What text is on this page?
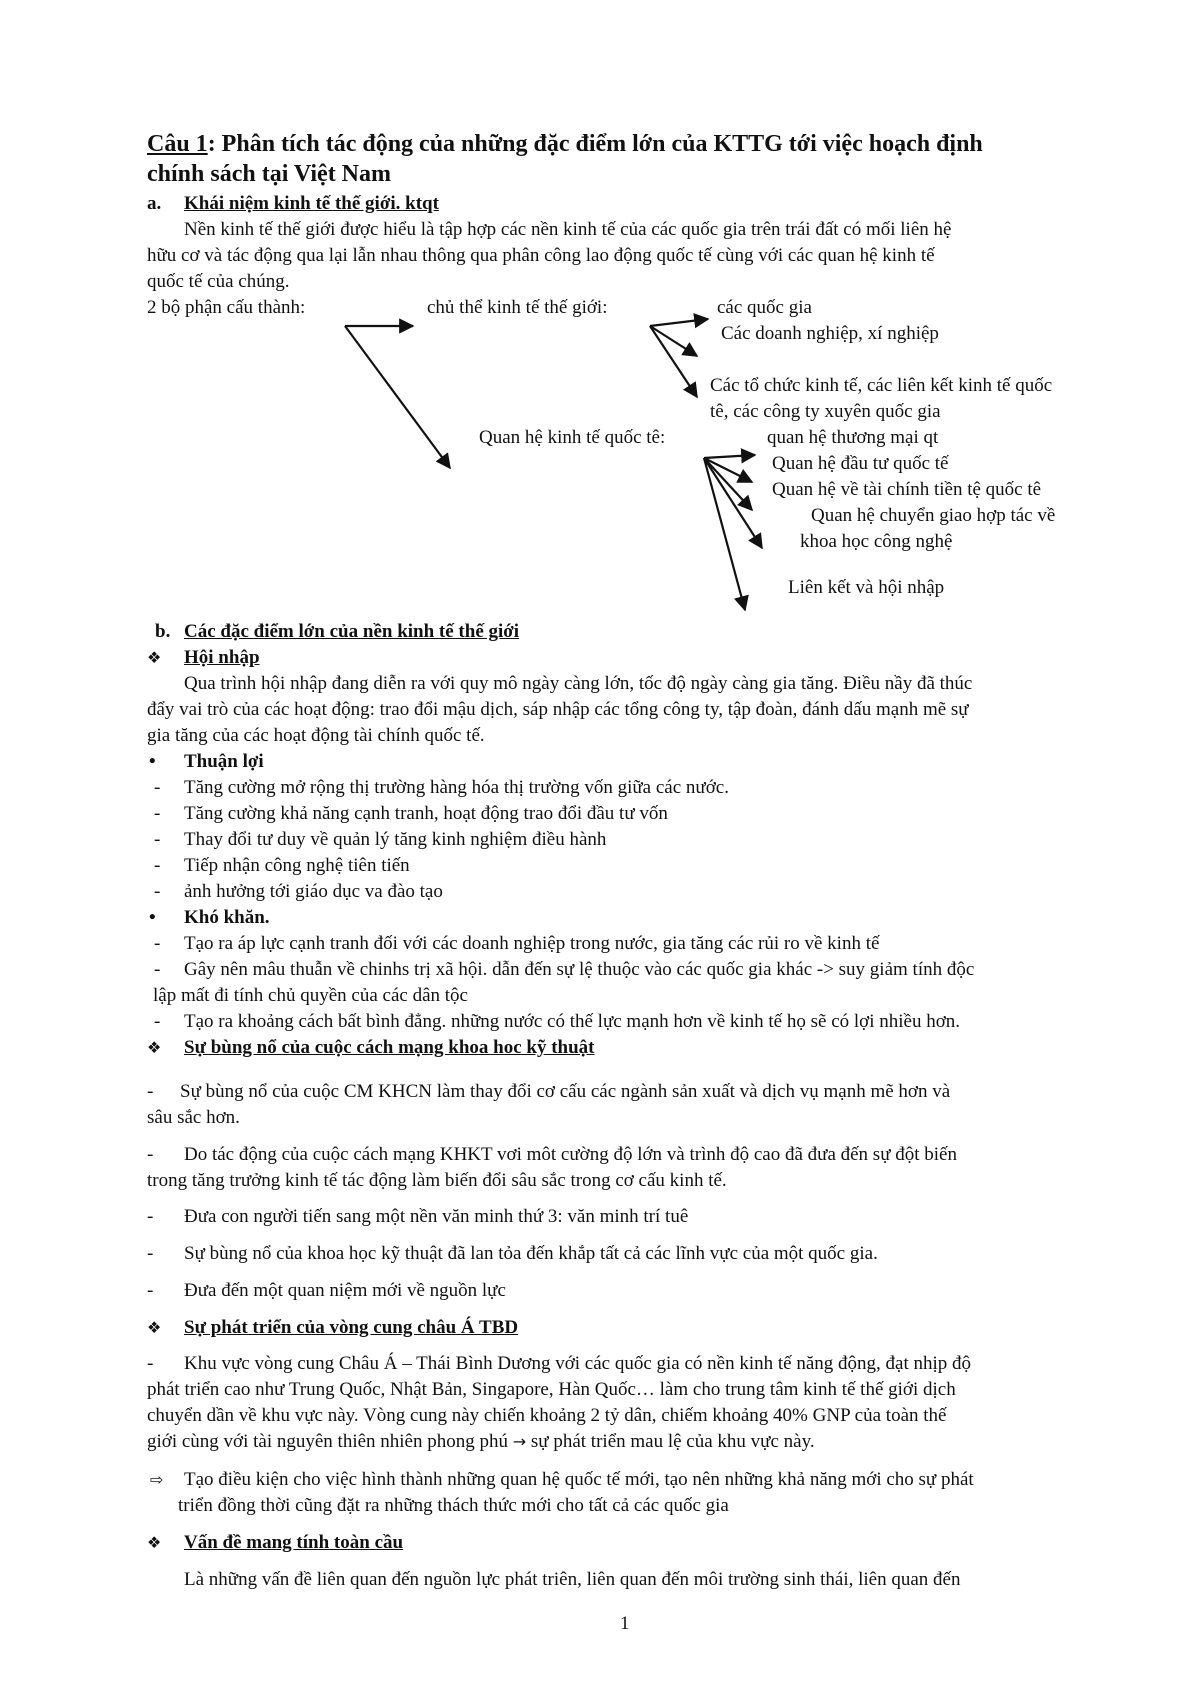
Câu 1: Phân tích tác động của những đặc điểm lớn của KTTG tới việc hoạch định
chính sách tại Việt Nam
a. Khái niệm kinh tế thế giới. ktqt
Nền kinh tế thế giới được hiểu là tập hợp các nền kinh tế của các quốc gia trên trái đất có mối liên hệ
hữu cơ và tác động qua lại lẫn nhau thông qua phân công lao động quốc tế cùng với các quan hệ kinh tế
quốc tế của chúng.
2 bộ phận cấu thành:	chủ thể kinh tế thế giới:	các quốc gia
Các doanh nghiệp, xí nghiệp
Các tổ chức kinh tế, các liên kết kinh tế quốc
tê, các công ty xuyên quốc gia
Quan hệ kinh tế quốc tê:	quan hệ thương mại qt
Quan hệ đầu tư quốc tế
Quan hệ về tài chính tiền tệ quốc tê
Quan hệ chuyển giao hợp tác về
khoa học công nghệ
Liên kết và hội nhập
b. Các đặc điểm lớn của nền kinh tế thế giới
❖ Hội nhập
Qua trình hội nhập đang diễn ra với quy mô ngày càng lớn, tốc độ ngày càng gia tăng. Điều nầy đã thúc
đẩy vai trò của các hoạt động: trao đổi mậu dịch, sáp nhập các tổng công ty, tập đoàn, đánh dấu mạnh mẽ sự
gia tăng của các hoạt động tài chính quốc tế.
• Thuận lợi
- Tăng cường mở rộng thị trường hàng hóa thị trường vốn giữa các nước.
- Tăng cường khả năng cạnh tranh, hoạt động trao đổi đầu tư vốn
- Thay đổi tư duy về quản lý tăng kinh nghiệm điều hành
- Tiếp nhận công nghệ tiên tiến
- ảnh hưởng tới giáo dục va đào tạo
• Khó khăn.
- Tạo ra áp lực cạnh tranh đối với các doanh nghiệp trong nước, gia tăng các rủi ro về kinh tế
- Gây nên mâu thuẫn về chinhs trị xã hội. dẫn đến sự lệ thuộc vào các quốc gia khác -> suy giảm tính độc
lập mất đi tính chủ quyền của các dân tộc
- Tạo ra khoảng cách bất bình đẳng. những nước có thế lực mạnh hơn về kinh tế họ sẽ có lợi nhiều hơn.
❖ Sự bùng nổ của cuộc cách mạng khoa hoc kỹ thuật
- Sự bùng nổ của cuộc CM KHCN làm thay đổi cơ cấu các ngành sản xuất và dịch vụ mạnh mẽ hơn và
sâu sắc hơn.
- Do tác động của cuộc cách mạng KHKT vơi môt cường độ lớn và trình độ cao đã đưa đến sự đột biến
trong tăng trưởng kinh tế tác động làm biến đổi sâu sắc trong cơ cấu kinh tế.
- Đưa con người tiến sang một nền văn minh thứ 3: văn minh trí tuê
- Sự bùng nổ của khoa học kỹ thuật đã lan tỏa đến khắp tất cả các lĩnh vực của một quốc gia.
- Đưa đến một quan niệm mới về nguồn lực
❖ Sự phát triển của vòng cung châu Á TBD
- Khu vực vòng cung Châu Á – Thái Bình Dương với các quốc gia có nền kinh tế năng động, đạt nhịp độ
phát triển cao như Trung Quốc, Nhật Bản, Singapore, Hàn Quốc… làm cho trung tâm kinh tế thế giới dịch
chuyển dần về khu vực này. Vòng cung này chiến khoảng 2 tỷ dân, chiếm khoảng 40% GNP của toàn thế
giới cùng với tài nguyên thiên nhiên phong phú → sự phát triển mau lệ của khu vực này.
⇨ Tạo điều kiện cho việc hình thành những quan hệ quốc tế mới, tạo nên những khả năng mới cho sự phát
triển đồng thời cũng đặt ra những thách thức mới cho tất cả các quốc gia
❖ Vấn đề mang tính toàn cầu
Là những vấn đề liên quan đến nguồn lực phát triên, liên quan đến môi trường sinh thái, liên quan đến
1
